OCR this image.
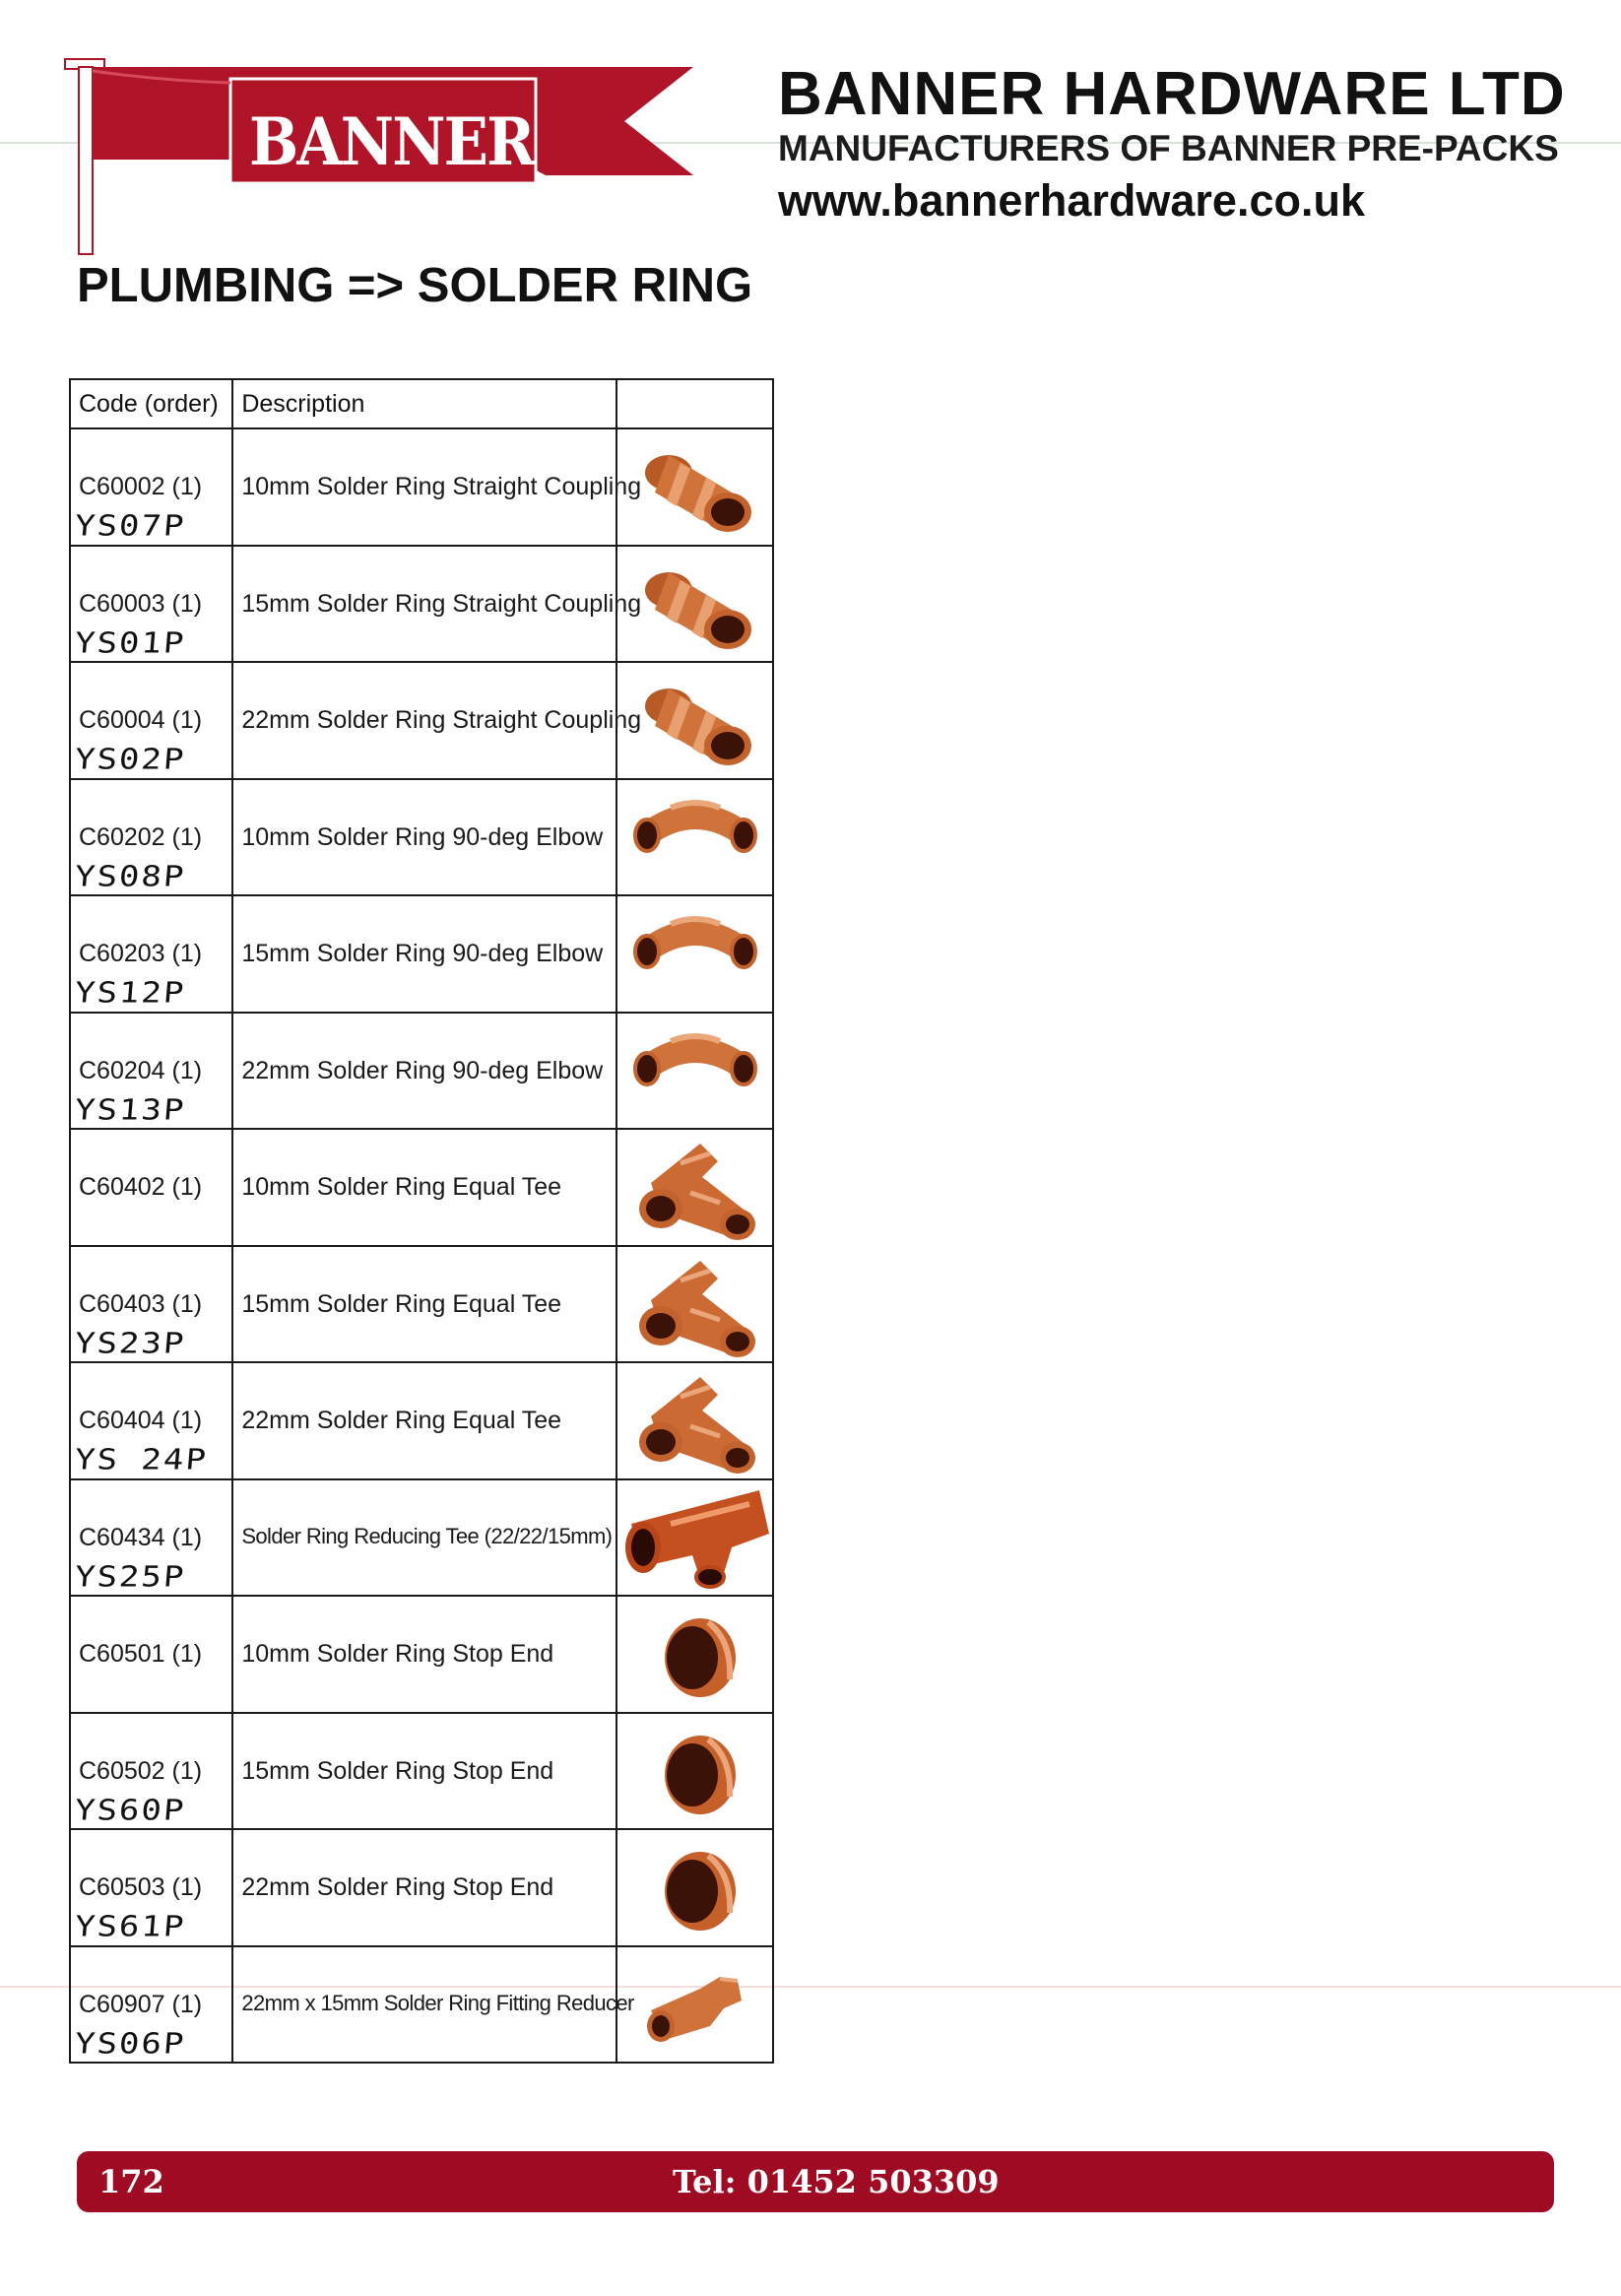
BANNER
BANNER HARDWARE LTD
MANUFACTURERS OF BANNER PRE-PACKS
www.bannerhardware.co.uk
PLUMBING => SOLDER RING
Code (order)	Description	

C60002 (1)
YS07P	10mm Solder Ring Straight Coupling

C60003 (1)
YS01P	15mm Solder Ring Straight Coupling

C60004 (1)
YS02P	22mm Solder Ring Straight Coupling

C60202 (1)
YS08P	10mm Solder Ring 90-deg Elbow

C60203 (1)
YS12P	15mm Solder Ring 90-deg Elbow

C60204 (1)
YS13P	22mm Solder Ring 90-deg Elbow

C60402 (1)	10mm Solder Ring Equal Tee

C60403 (1)
YS23P	15mm Solder Ring Equal Tee

C60404 (1)
YS 24P	22mm Solder Ring Equal Tee

C60434 (1)
YS25P	Solder Ring Reducing Tee (22/22/15mm)

C60501 (1)	10mm Solder Ring Stop End

C60502 (1)
YS60P	15mm Solder Ring Stop End

C60503 (1)
YS61P	22mm Solder Ring Stop End

C60907 (1)
YS06P	22mm x 15mm Solder Ring Fitting Reducer

172	Tel: 01452 503309
